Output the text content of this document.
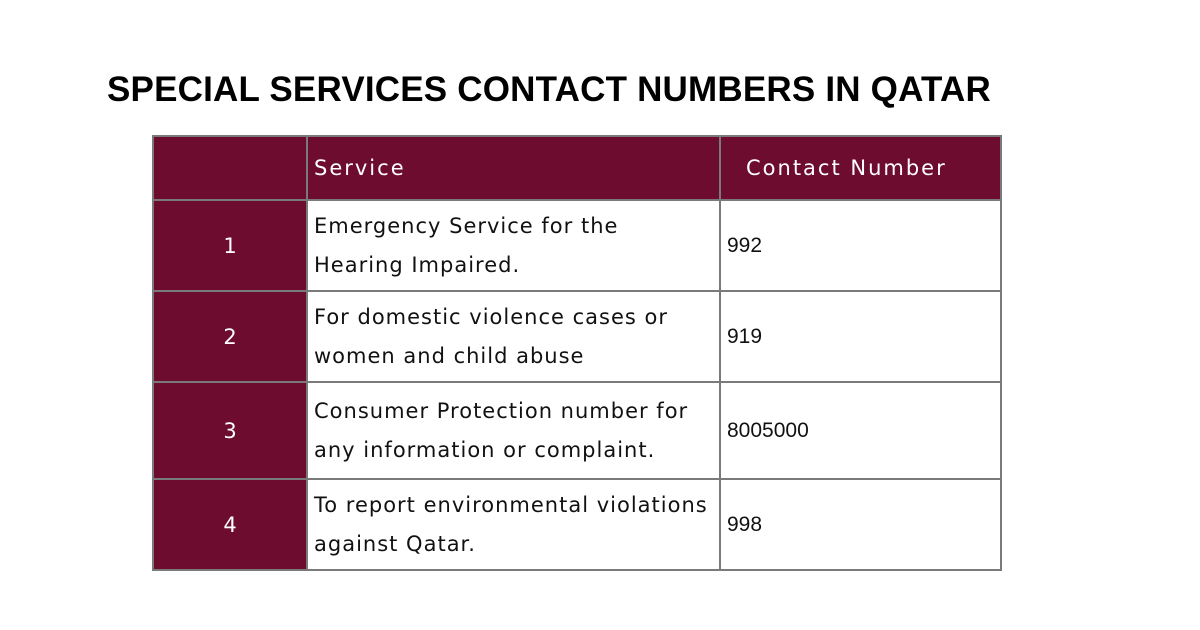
SPECIAL SERVICES CONTACT NUMBERS IN QATAR
	Service	Contact Number
1	Emergency Service for the Hearing Impaired.	992
2	For domestic violence cases or women and child abuse	919
3	Consumer Protection number for any information or complaint.	8005000
4	To report environmental violations against Qatar.	998
